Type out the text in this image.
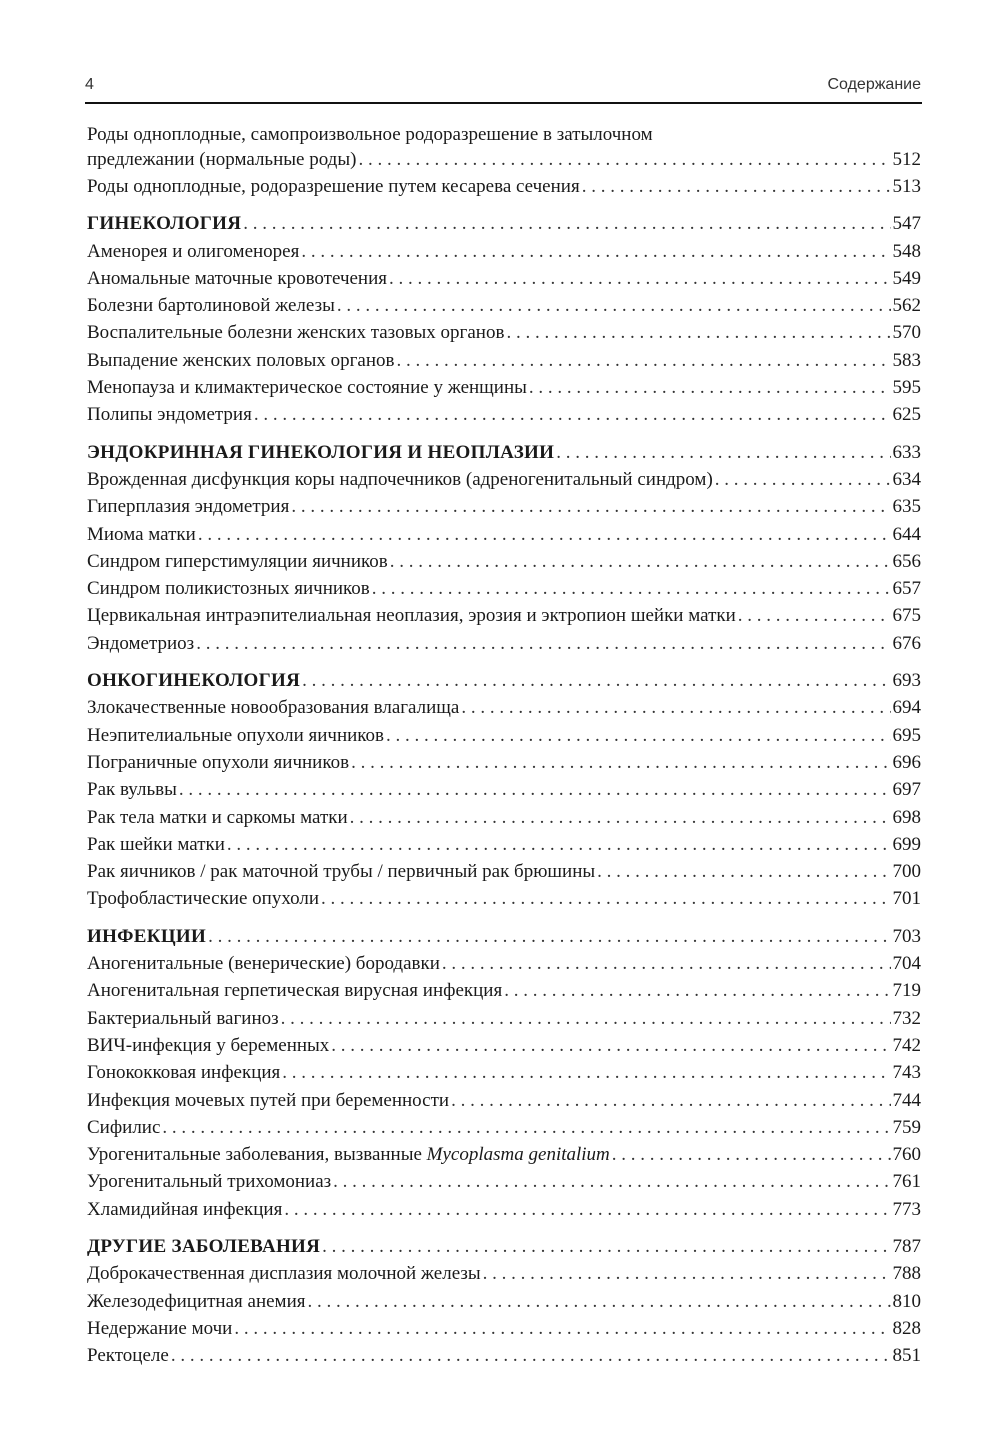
4	Содержание
Роды одноплодные, самопроизвольное родоразрешение в затылочном
предлежании (нормальные роды) . . .	512
Роды одноплодные, родоразрешение путем кесарева сечения . . .	513
ГИНЕКОЛОГИЯ . . .	547
Аменорея и олигоменорея . . .	548
Аномальные маточные кровотечения . . .	549
Болезни бартолиновой железы . . .	562
Воспалительные болезни женских тазовых органов . . .	570
Выпадение женских половых органов . . .	583
Менопауза и климактерическое состояние у женщины . . .	595
Полипы эндометрия . . .	625
ЭНДОКРИННАЯ ГИНЕКОЛОГИЯ И НЕОПЛАЗИИ . . .	633
Врожденная дисфункция коры надпочечников (адреногенитальный синдром) . . .	634
Гиперплазия эндометрия . . .	635
Миома матки . . .	644
Синдром гиперстимуляции яичников . . .	656
Синдром поликистозных яичников . . .	657
Цервикальная интраэпителиальная неоплазия, эрозия и эктропион шейки матки . . .	675
Эндометриоз . . .	676
ОНКОГИНЕКОЛОГИЯ . . .	693
Злокачественные новообразования влагалища . . .	694
Неэпителиальные опухоли яичников . . .	695
Пограничные опухоли яичников . . .	696
Рак вульвы . . .	697
Рак тела матки и саркомы матки . . .	698
Рак шейки матки . . .	699
Рак яичников / рак маточной трубы / первичный рак брюшины . . .	700
Трофобластические опухоли . . .	701
ИНФЕКЦИИ . . .	703
Аногенитальные (венерические) бородавки . . .	704
Аногенитальная герпетическая вирусная инфекция . . .	719
Бактериальный вагиноз . . .	732
ВИЧ-инфекция у беременных . . .	742
Гонококковая инфекция . . .	743
Инфекция мочевых путей при беременности . . .	744
Сифилис . . .	759
Урогенитальные заболевания, вызванные Mycoplasma genitalium . . .	760
Урогенитальный трихомониаз . . .	761
Хламидийная инфекция . . .	773
ДРУГИЕ ЗАБОЛЕВАНИЯ . . .	787
Доброкачественная дисплазия молочной железы . . .	788
Железодефицитная анемия . . .	810
Недержание мочи . . .	828
Ректоцеле . . .	851
